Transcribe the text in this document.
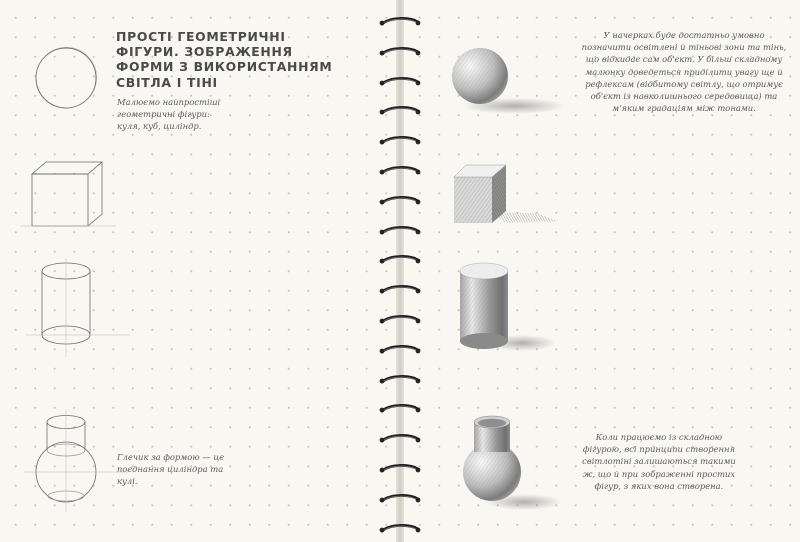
ПРОСТІ ГЕОМЕТРИЧНІ ФІГУРИ. ЗОБРАЖЕННЯ ФОРМИ З ВИКОРИСТАННЯМ СВІТЛА І ТІНІ
Малюємо найпростіші геометричні фігури: куля, куб, циліндр.
Глечик за формою — це поєднання циліндра та кулі.
У начерках буде достатньо умовно позначити освітлені й тіньові зони та тінь, що відкидає сам об'єкт. У більш складному малюнку доведеться приділити увагу ще й рефлексам (відбитому світлу, що отримує об'єкт із навколишнього середовища) та м'яким градаціям між тонами.
Коли працюємо із складною фігурою, всі принципи створення світлотіні залишаються такими ж, що й при зображенні простих фігур, з яких вона створена.
